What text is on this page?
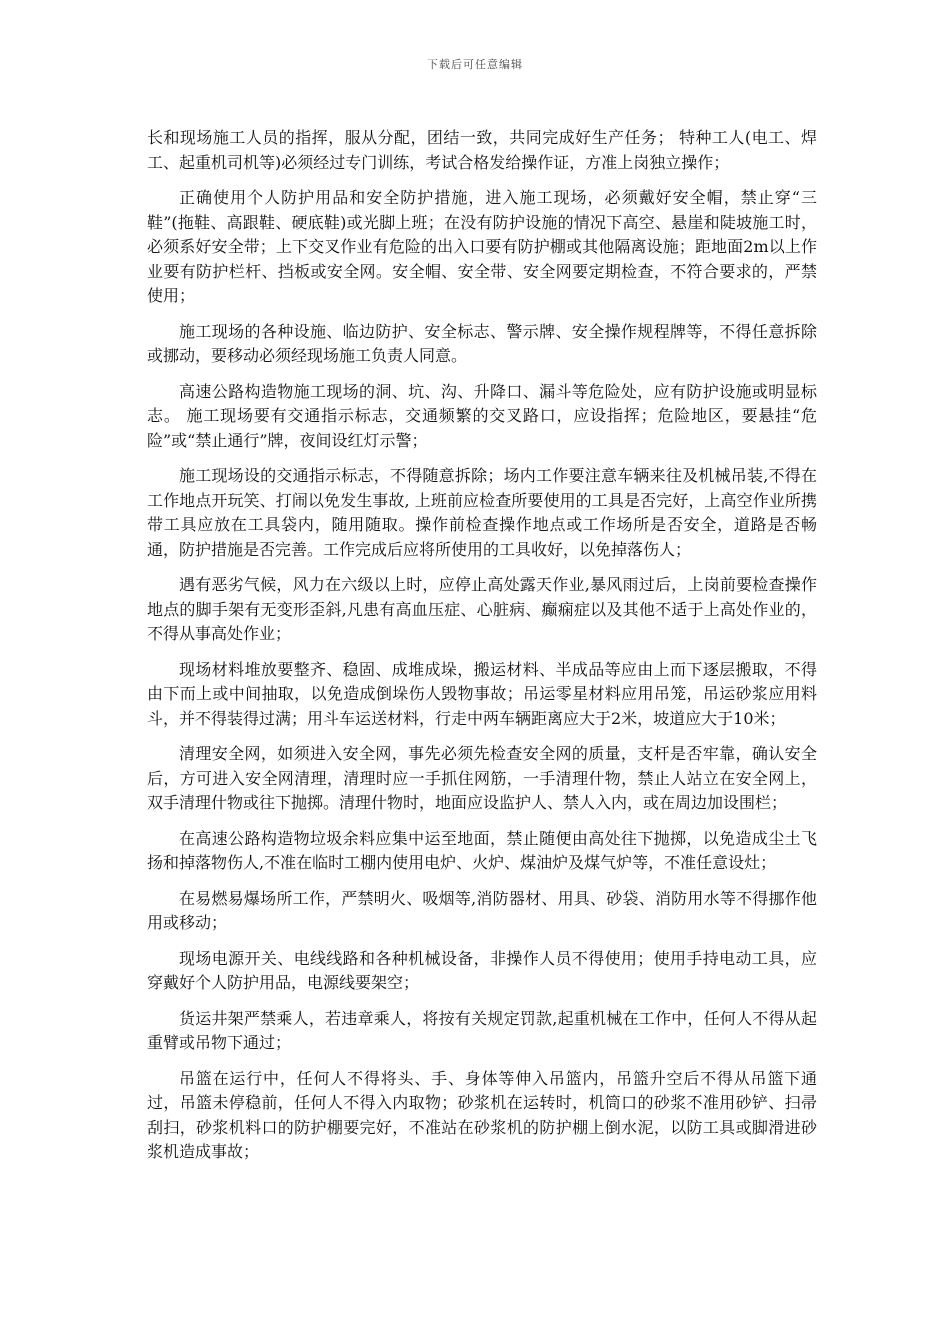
下载后可任意编辑

长和现场施工人员的指挥，服从分配，团结一致，共同完成好生产任务； 特种工人(电工、焊工、起重机司机等)必须经过专门训练，考试合格发给操作证，方准上岗独立操作；

正确使用个人防护用品和安全防护措施，进入施工现场，必须戴好安全帽，禁止穿“三鞋”(拖鞋、高跟鞋、硬底鞋)或光脚上班；在没有防护设施的情况下高空、悬崖和陡坡施工时，必须系好安全带；上下交叉作业有危险的出入口要有防护棚或其他隔离设施；距地面2m以上作业要有防护栏杆、挡板或安全网。安全帽、安全带、安全网要定期检查，不符合要求的，严禁使用；

施工现场的各种设施、临边防护、安全标志、警示牌、安全操作规程牌等，不得任意拆除或挪动，要移动必须经现场施工负责人同意。

高速公路构造物施工现场的洞、坑、沟、升降口、漏斗等危险处，应有防护设施或明显标志。 施工现场要有交通指示标志，交通频繁的交叉路口，应设指挥；危险地区，要悬挂“危险”或“禁止通行”牌，夜间设红灯示警；

施工现场设的交通指示标志，不得随意拆除；场内工作要注意车辆来往及机械吊装,不得在工作地点开玩笑、打闹以免发生事故, 上班前应检查所要使用的工具是否完好，上高空作业所携带工具应放在工具袋内，随用随取。操作前检查操作地点或工作场所是否安全，道路是否畅通，防护措施是否完善。工作完成后应将所使用的工具收好，以免掉落伤人；

遇有恶劣气候，风力在六级以上时，应停止高处露天作业,暴风雨过后，上岗前要检查操作地点的脚手架有无变形歪斜,凡患有高血压症、心脏病、癫痫症以及其他不适于上高处作业的，不得从事高处作业；

现场材料堆放要整齐、稳固、成堆成垛，搬运材料、半成品等应由上而下逐层搬取，不得由下而上或中间抽取，以免造成倒垛伤人毁物事故；吊运零星材料应用吊笼，吊运砂浆应用料斗，并不得装得过满；用斗车运送材料，行走中两车辆距离应大于2米，坡道应大于10米；

清理安全网，如须进入安全网，事先必须先检查安全网的质量，支杆是否牢靠，确认安全后，方可进入安全网清理，清理时应一手抓住网筋，一手清理什物，禁止人站立在安全网上，双手清理什物或往下抛掷。清理什物时，地面应设监护人、禁人入内，或在周边加设围栏；

在高速公路构造物垃圾余料应集中运至地面，禁止随便由高处往下抛掷，以免造成尘土飞扬和掉落物伤人,不准在临时工棚内使用电炉、火炉、煤油炉及煤气炉等，不准任意设灶；

在易燃易爆场所工作，严禁明火、吸烟等,消防器材、用具、砂袋、消防用水等不得挪作他用或移动；

现场电源开关、电线线路和各种机械设备，非操作人员不得使用；使用手持电动工具，应穿戴好个人防护用品，电源线要架空；

货运井架严禁乘人，若违章乘人，将按有关规定罚款,起重机械在工作中，任何人不得从起重臂或吊物下通过；

吊篮在运行中，任何人不得将头、手、身体等伸入吊篮内，吊篮升空后不得从吊篮下通过，吊篮未停稳前，任何人不得入内取物；砂浆机在运转时，机筒口的砂浆不准用砂铲、扫帚刮扫，砂浆机料口的防护棚要完好，不准站在砂浆机的防护棚上倒水泥，以防工具或脚滑进砂浆机造成事故；
